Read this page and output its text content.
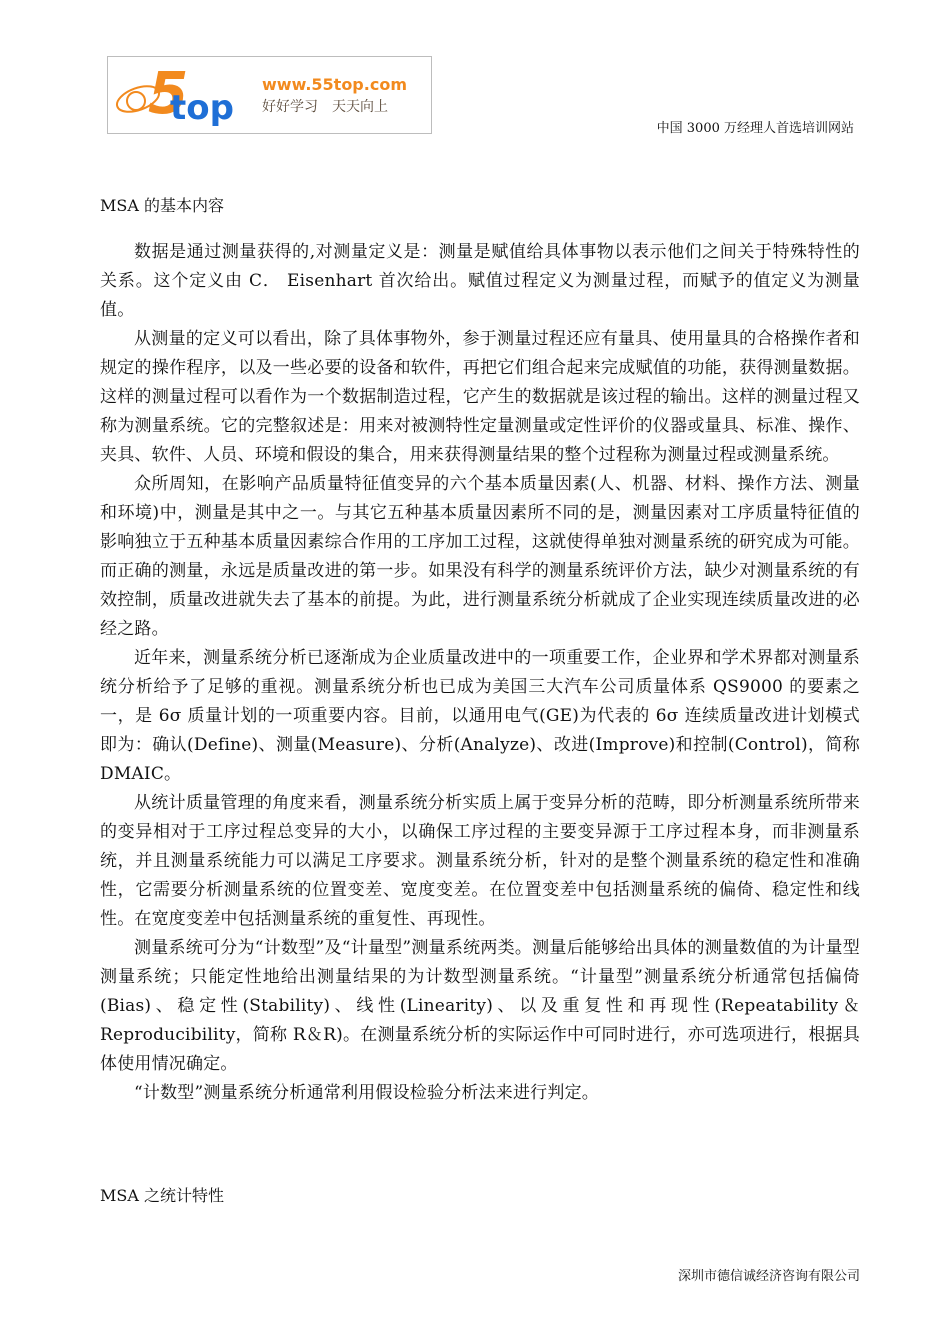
5
top
www.55top.com
好好学习　天天向上
中国 3000 万经理人首选培训网站
MSA 的基本内容

数据是通过测量获得的,对测量定义是：测量是赋值给具体事物以表示他们之间关于特殊特性的关系。这个定义由 C． Eisenhart 首次给出。赋值过程定义为测量过程，而赋予的值定义为测量值。

从测量的定义可以看出，除了具体事物外，参于测量过程还应有量具、使用量具的合格操作者和规定的操作程序，以及一些必要的设备和软件，再把它们组合起来完成赋值的功能，获得测量数据。这样的测量过程可以看作为一个数据制造过程，它产生的数据就是该过程的输出。这样的测量过程又称为测量系统。它的完整叙述是：用来对被测特性定量测量或定性评价的仪器或量具、标准、操作、夹具、软件、人员、环境和假设的集合，用来获得测量结果的整个过程称为测量过程或测量系统。

众所周知，在影响产品质量特征值变异的六个基本质量因素(人、机器、材料、操作方法、测量和环境)中，测量是其中之一。与其它五种基本质量因素所不同的是，测量因素对工序质量特征值的影响独立于五种基本质量因素综合作用的工序加工过程，这就使得单独对测量系统的研究成为可能。而正确的测量，永远是质量改进的第一步。如果没有科学的测量系统评价方法，缺少对测量系统的有效控制，质量改进就失去了基本的前提。为此，进行测量系统分析就成了企业实现连续质量改进的必经之路。

近年来，测量系统分析已逐渐成为企业质量改进中的一项重要工作，企业界和学术界都对测量系统分析给予了足够的重视。测量系统分析也已成为美国三大汽车公司质量体系 QS9000 的要素之一，是 6σ 质量计划的一项重要内容。目前，以通用电气(GE)为代表的 6σ 连续质量改进计划模式即为：确认(Define)、测量(Measure)、分析(Analyze)、改进(Improve)和控制(Control)，简称 DMAIC。

从统计质量管理的角度来看，测量系统分析实质上属于变异分析的范畴，即分析测量系统所带来的变异相对于工序过程总变异的大小，以确保工序过程的主要变异源于工序过程本身，而非测量系统，并且测量系统能力可以满足工序要求。测量系统分析，针对的是整个测量系统的稳定性和准确性，它需要分析测量系统的位置变差、宽度变差。在位置变差中包括测量系统的偏倚、稳定性和线性。在宽度变差中包括测量系统的重复性、再现性。

测量系统可分为“计数型”及“计量型”测量系统两类。测量后能够给出具体的测量数值的为计量型测量系统；只能定性地给出测量结果的为计数型测量系统。“计量型”测量系统分析通常包括偏倚(Bias)、稳定性(Stability)、线性(Linearity)、以及重复性和再现性(Repeatability＆Reproducibility，简称 R＆R)。在测量系统分析的实际运作中可同时进行，亦可选项进行，根据具体使用情况确定。

“计数型”测量系统分析通常利用假设检验分析法来进行判定。

MSA 之统计特性
深圳市德信诚经济咨询有限公司
